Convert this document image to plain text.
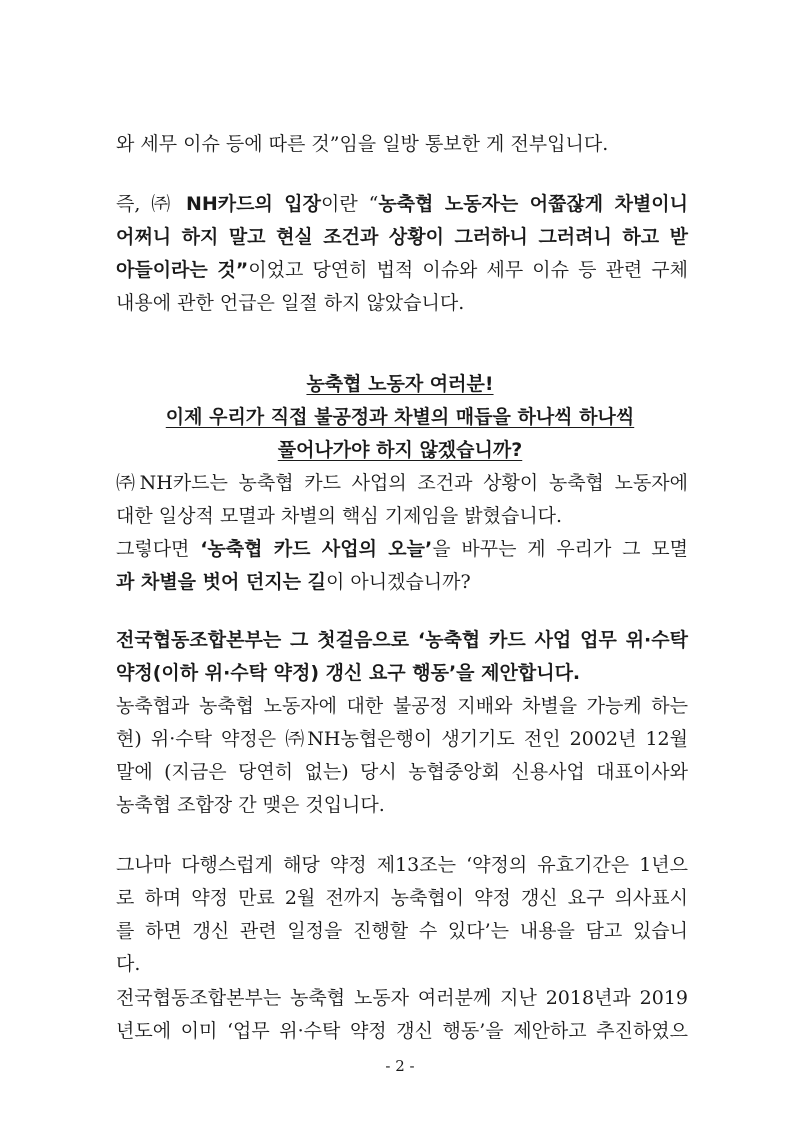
와 세무 이슈 등에 따른 것”임을 일방 통보한 게 전부입니다.
즉, ㈜ NH카드의 입장이란 “농축협 노동자는 어쭙잖게 차별이니
어쩌니 하지 말고 현실 조건과 상황이 그러하니 그러려니 하고 받
아들이라는 것”이었고 당연히 법적 이슈와 세무 이슈 등 관련 구체
내용에 관한 언급은 일절 하지 않았습니다.
농축협 노동자 여러분!
이제 우리가 직접 불공정과 차별의 매듭을 하나씩 하나씩
풀어나가야 하지 않겠습니까?
㈜NH카드는 농축협 카드 사업의 조건과 상황이 농축협 노동자에
대한 일상적 모멸과 차별의 핵심 기제임을 밝혔습니다.
그렇다면 ‘농축협 카드 사업의 오늘’을 바꾸는 게 우리가 그 모멸
과 차별을 벗어 던지는 길이 아니겠습니까?
전국협동조합본부는 그 첫걸음으로 ‘농축협 카드 사업 업무 위·수탁
약정(이하 위·수탁 약정) 갱신 요구 행동’을 제안합니다.
농축협과 농축협 노동자에 대한 불공정 지배와 차별을 가능케 하는
현) 위·수탁 약정은 ㈜NH농협은행이 생기기도 전인 2002년 12월
말에 (지금은 당연히 없는) 당시 농협중앙회 신용사업 대표이사와
농축협 조합장 간 맺은 것입니다.
그나마 다행스럽게 해당 약정 제13조는 ‘약정의 유효기간은 1년으
로 하며 약정 만료 2월 전까지 농축협이 약정 갱신 요구 의사표시
를 하면 갱신 관련 일정을 진행할 수 있다’는 내용을 담고 있습니
다.
전국협동조합본부는 농축협 노동자 여러분께 지난 2018년과 2019
년도에 이미 ‘업무 위·수탁 약정 갱신 행동’을 제안하고 추진하였으
- 2 -
